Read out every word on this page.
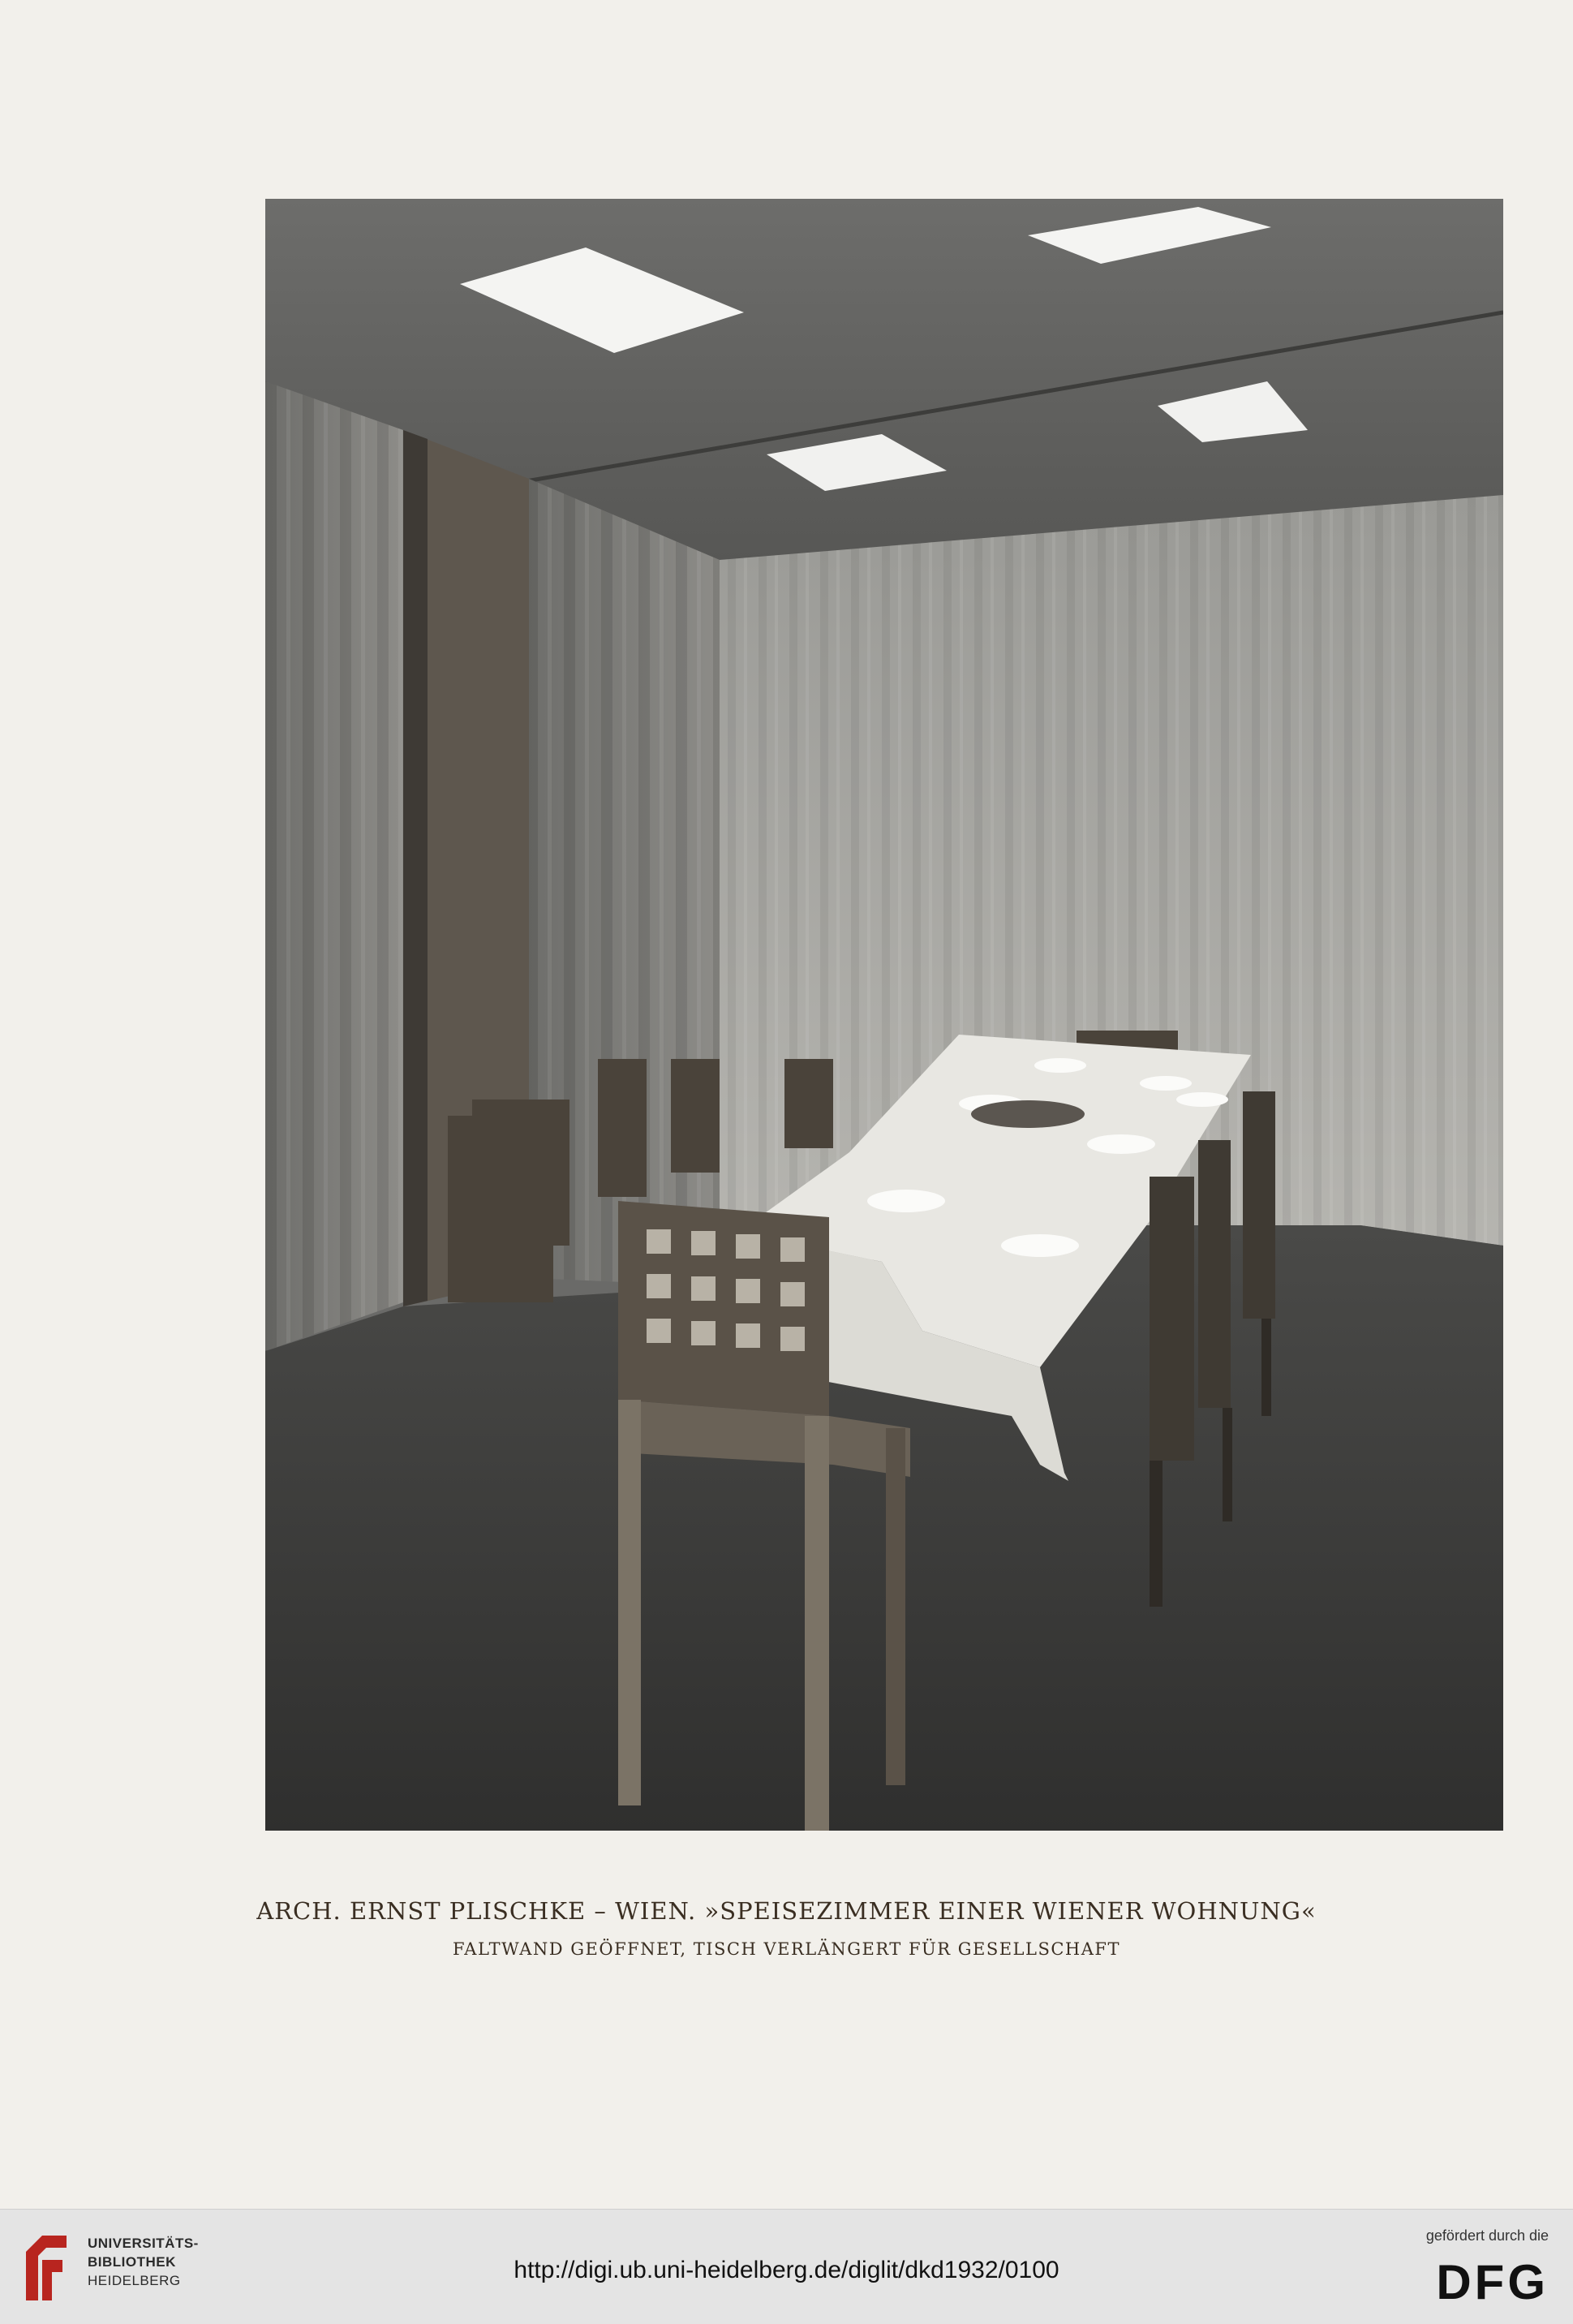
ARCH. ERNST PLISCHKE – WIEN. »SPEISEZIMMER EINER WIENER WOHNUNG«
FALTWAND GEÖFFNET, TISCH VERLÄNGERT FÜR GESELLSCHAFT
UNIVERSITÄTS-
BIBLIOTHEK
HEIDELBERG	http://digi.ub.uni-heidelberg.de/diglit/dkd1932/0100
gefördert durch die
DFG
